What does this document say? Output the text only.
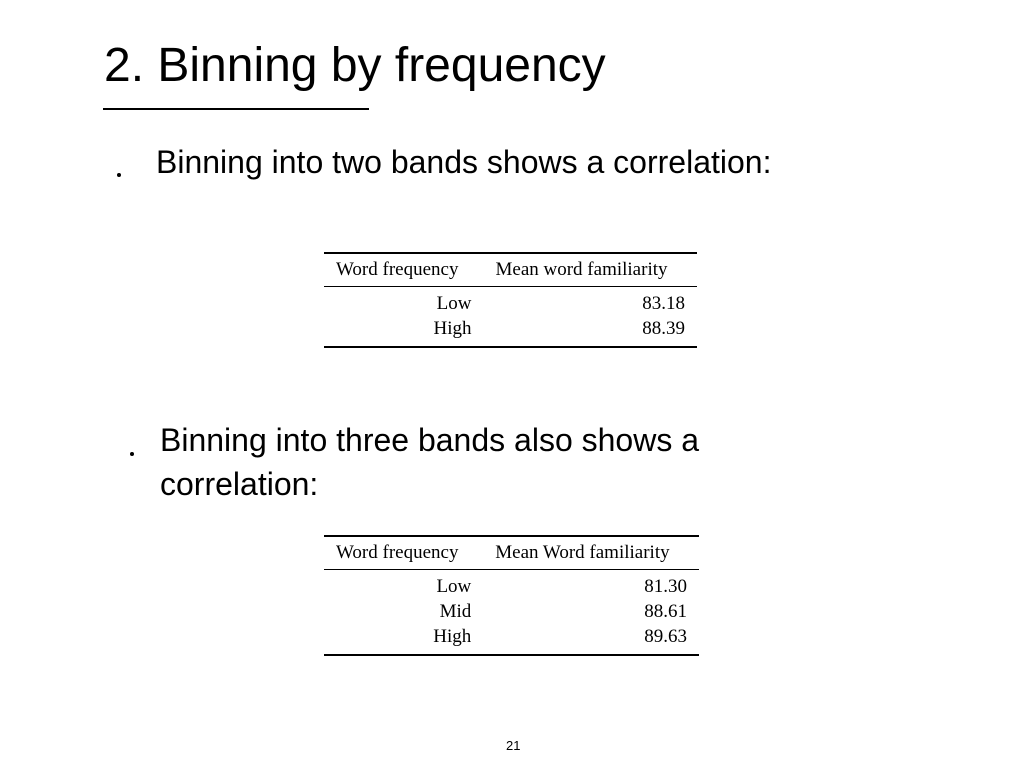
2. Binning by frequency

Binning into two bands shows a correlation:

Word frequency	Mean word familiarity
Low	83.18
High	88.39

Binning into three bands also shows a correlation:

Word frequency	Mean Word familiarity
Low	81.30
Mid	88.61
High	89.63
21
